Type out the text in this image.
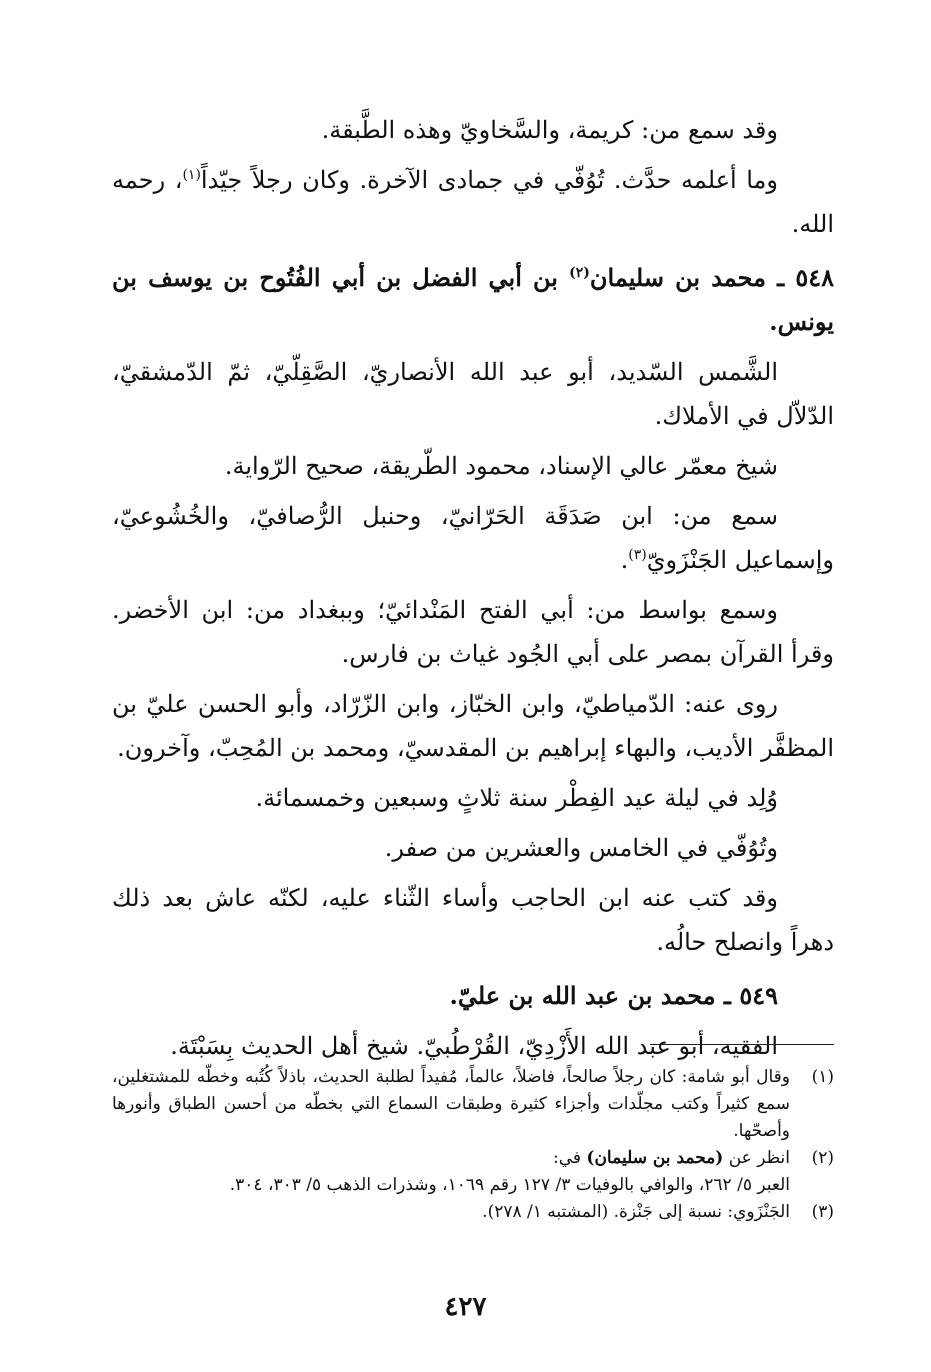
وقد سمع من: كريمة، والسَّخاويّ وهذه الطَّبقة.

وما أعلمه حدَّث. تُوُفّي في جمادى الآخرة. وكان رجلاً جيّداً$^{(١)}$، رحمه الله.

٥٤٨ ـ محمد بن سليمان$^{(٢)}$ بن أبي الفضل بن أبي الفُتُوح بن يوسف بن يونس.

الشَّمس السّديد، أبو عبد الله الأنصاريّ، الصَّقِلّيّ، ثمّ الدّمشقيّ، الدّلاّل في الأملاك.

شيخ معمّر عالي الإسناد، محمود الطّريقة، صحيح الرّواية.

سمع من: ابن صَدَقَة الحَرّانيّ، وحنبل الرُّصافيّ، والخُشُوعيّ، وإسماعيل الجَنْزَويّ$^{(٣)}$.

وسمع بواسط من: أبي الفتح المَنْدائيّ؛ وببغداد من: ابن الأخضر. وقرأ القرآن بمصر على أبي الجُود غياث بن فارس.

روى عنه: الدّمياطيّ، وابن الخبّاز، وابن الزّرّاد، وأبو الحسن عليّ بن المظفَّر الأديب، والبهاء إبراهيم بن المقدسيّ، ومحمد بن المُحِبّ، وآخرون.

وُلِد في ليلة عيد الفِطْر سنة ثلاثٍ وسبعين وخمسمائة.

وتُوُفّي في الخامس والعشرين من صفر.

وقد كتب عنه ابن الحاجب وأساء الثّناء عليه، لكنّه عاش بعد ذلك دهراً وانصلح حالُه.

٥٤٩ ـ محمد بن عبد الله بن عليّ.

الفقيه، أبو عبد الله الأَزْدِيّ، القُرْطُبيّ. شيخ أهل الحديث بِسَبْتَة.

(١)
وقال أبو شامة: كان رجلاً صالحاً، فاضلاً، عالماً، مُفيداً لطلبة الحديث، باذلاً كُتُبه وخطّه للمشتغلين، سمع كثيراً وكتب مجلّدات وأجزاء كثيرة وطبقات السماع التي بخطّه من أحسن الطباق وأنورها وأصحّها.
(٢)
انظر عن (محمد بن سليمان) في:
العبر ٥/ ٢٦٢، والوافي بالوفيات ٣/ ١٢٧ رقم ١٠٦٩، وشذرات الذهب ٥/ ٣٠٣، ٣٠٤.
(٣)
الجَنْزَوي: نسبة إلى جَنْزة. (المشتبه ١/ ٢٧٨).
٤٢٧
